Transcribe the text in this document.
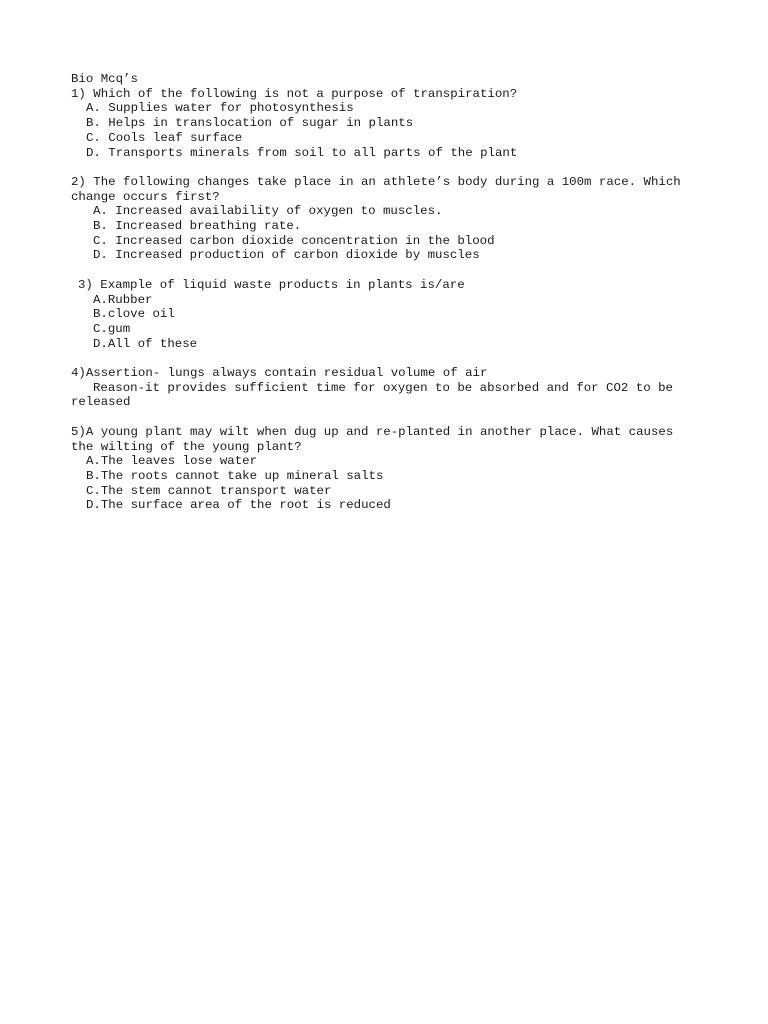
Bio Mcq’s
1) Which of the following is not a purpose of transpiration?
A. Supplies water for photosynthesis
B. Helps in translocation of sugar in plants
C. Cools leaf surface
D. Transports minerals from soil to all parts of the plant
2) The following changes take place in an athlete’s body during a 100m race. Which
change occurs first?
A. Increased availability of oxygen to muscles.
B. Increased breathing rate.
C. Increased carbon dioxide concentration in the blood
D. Increased production of carbon dioxide by muscles
3) Example of liquid waste products in plants is/are
A.Rubber
B.clove oil
C.gum
D.All of these
4)Assertion- lungs always contain residual volume of air
Reason-it provides sufficient time for oxygen to be absorbed and for CO2 to be
released
5)A young plant may wilt when dug up and re-planted in another place. What causes
the wilting of the young plant?
A.The leaves lose water
B.The roots cannot take up mineral salts
C.The stem cannot transport water
D.The surface area of the root is reduced
